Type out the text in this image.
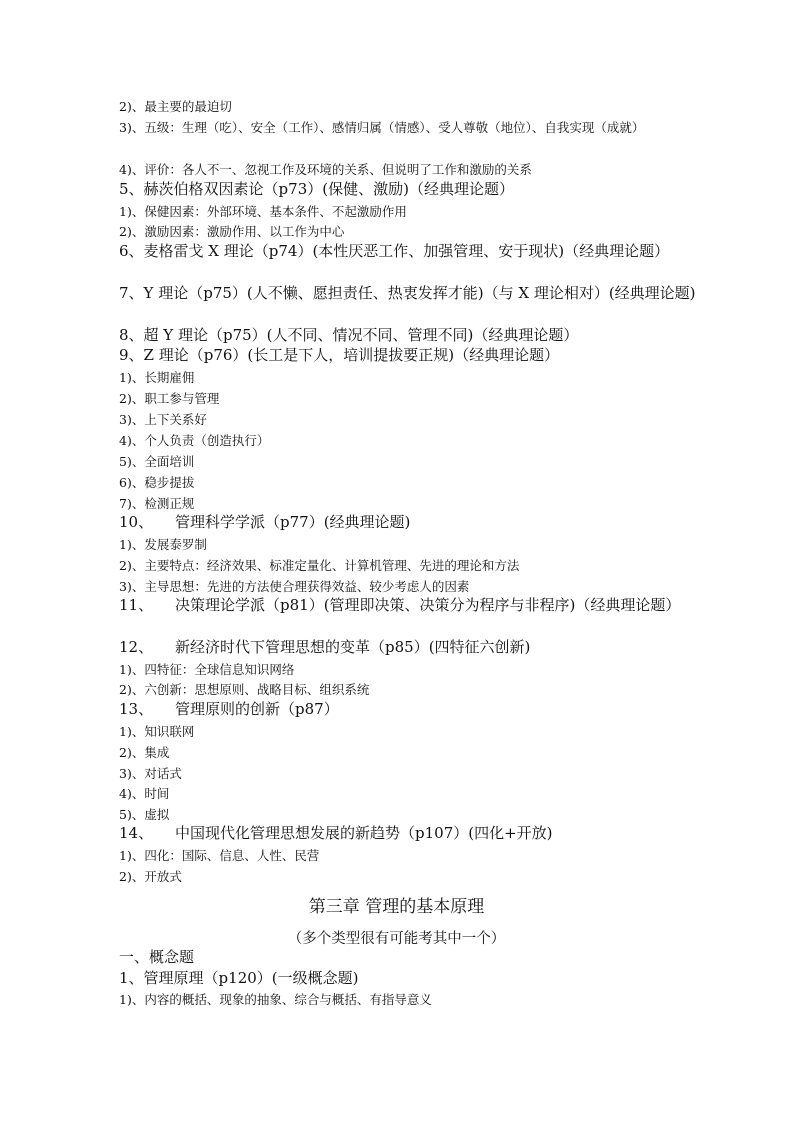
2)、最主要的最迫切
3)、五级：生理（吃）、安全（工作）、感情归属（情感）、受人尊敬（地位）、自我实现（成就）
4)、评价：各人不一、忽视工作及环境的关系、但说明了工作和激励的关系
5、赫茨伯格双因素论（p73）(保健、激励)（经典理论题）
1)、保健因素：外部环境、基本条件、不起激励作用
2)、激励因素：激励作用、以工作为中心
6、麦格雷戈 X 理论（p74）(本性厌恶工作、加强管理、安于现状)（经典理论题）
7、Y 理论（p75）(人不懒、愿担责任、热衷发挥才能)（与 X 理论相对）(经典理论题)
8、超 Y 理论（p75）(人不同、情况不同、管理不同)（经典理论题）
9、Z 理论（p76）(长工是下人，培训提拔要正规)（经典理论题）
1)、长期雇佣
2)、职工参与管理
3)、上下关系好
4)、个人负责（创造执行）
5)、全面培训
6)、稳步提拔
7)、检测正规
10、 管理科学学派（p77）(经典理论题)
1)、发展泰罗制
2)、主要特点：经济效果、标准定量化、计算机管理、先进的理论和方法
3)、主导思想：先进的方法使合理获得效益、较少考虑人的因素
11、 决策理论学派（p81）(管理即决策、决策分为程序与非程序)（经典理论题）
12、 新经济时代下管理思想的变革（p85）(四特征六创新)
1)、四特征：全球信息知识网络
2)、六创新：思想原则、战略目标、组织系统
13、 管理原则的创新（p87）
1)、知识联网
2)、集成
3)、对话式
4)、时间
5)、虚拟
14、 中国现代化管理思想发展的新趋势（p107）(四化+开放)
1)、四化：国际、信息、人性、民营
2)、开放式
第三章 管理的基本原理
（多个类型很有可能考其中一个）
一、概念题
1、管理原理（p120）(一级概念题)
1)、内容的概括、现象的抽象、综合与概括、有指导意义
